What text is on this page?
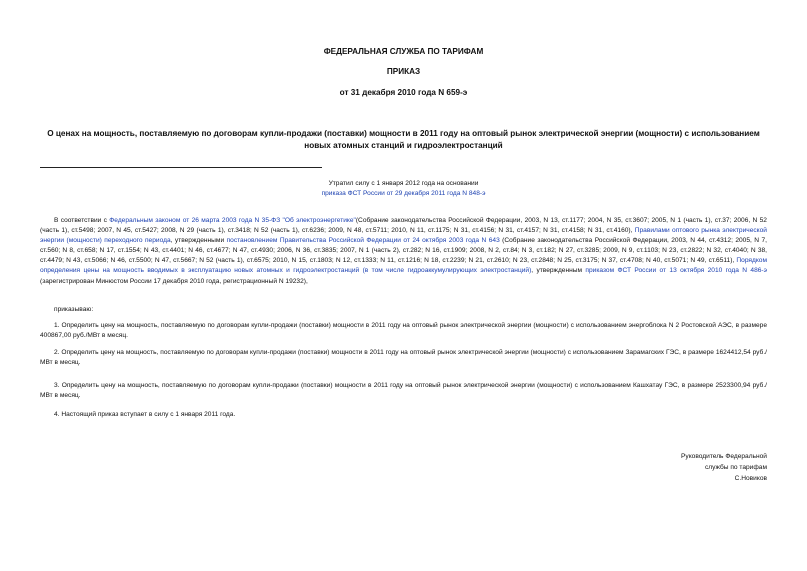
ФЕДЕРАЛЬНАЯ СЛУЖБА ПО ТАРИФАМ
ПРИКАЗ
от 31 декабря 2010 года N 659-э
О ценах на мощность, поставляемую по договорам купли-продажи (поставки) мощности в 2011 году на оптовый рынок электрической энергии (мощности) с использованием новых атомных станций и гидроэлектростанций
Утратил силу с 1 января 2012 года на основании
приказа ФСТ России от 29 декабря 2011 года N 848-э
В соответствии с Федеральным законом от 26 марта 2003 года N 35-ФЗ "Об электроэнергетике"(Собрание законодательства Российской Федерации, 2003, N 13, ст.1177; 2004, N 35, ст.3607; 2005, N 1 (часть 1), ст.37; 2006, N 52 (часть 1), ст.5498; 2007, N 45, ст.5427; 2008, N 29 (часть 1), ст.3418; N 52 (часть 1), ст.6236; 2009, N 48, ст.5711; 2010, N 11, ст.1175; N 31, ст.4156; N 31, ст.4157; N 31, ст.4158; N 31, ст.4160), Правилами оптового рынка электрической энергии (мощности) переходного периода, утвержденными постановлением Правительства Российской Федерации от 24 октября 2003 года N 643 (Собрание законодательства Российской Федерации, 2003, N 44, ст.4312; 2005, N 7, ст.560; N 8, ст.658; N 17, ст.1554; N 43, ст.4401; N 46, ст.4677; N 47, ст.4930; 2006, N 36, ст.3835; 2007, N 1 (часть 2), ст.282; N 16, ст.1909; 2008, N 2, ст.84; N 3, ст.182; N 27, ст.3285; 2009, N 9, ст.1103; N 23, ст.2822; N 32, ст.4040; N 38, ст.4479; N 43, ст.5066; N 46, ст.5500; N 47, ст.5667; N 52 (часть 1), ст.6575; 2010, N 15, ст.1803; N 12, ст.1333; N 11, ст.1216; N 18, ст.2239; N 21, ст.2610; N 23, ст.2848; N 25, ст.3175; N 37, ст.4708; N 40, ст.5071; N 49, ст.6511), Порядком определения цены на мощность вводимых в эксплуатацию новых атомных и гидроэлектростанций (в том числе гидроаккумулирующих электростанций), утвержденным приказом ФСТ России от 13 октября 2010 года N 486-э (зарегистрирован Минюстом России 17 декабря 2010 года, регистрационный N 19232),
приказываю:
1. Определить цену на мощность, поставляемую по договорам купли-продажи (поставки) мощности в 2011 году на оптовый рынок электрической энергии (мощности) с использованием энергоблока N 2 Ростовской АЭС, в размере 400867,00 руб./МВт в месяц.
2. Определить цену на мощность, поставляемую по договорам купли-продажи (поставки) мощности в 2011 году на оптовый рынок электрической энергии (мощности) с использованием Зарамагских ГЭС, в размере 1624412,54 руб./МВт в месяц.
3. Определить цену на мощность, поставляемую по договорам купли-продажи (поставки) мощности в 2011 году на оптовый рынок электрической энергии (мощности) с использованием Кашхатау ГЭС, в размере 2523300,94 руб./МВт в месяц.
4. Настоящий приказ вступает в силу с 1 января 2011 года.
Руководитель Федеральной
службы по тарифам
С.Новиков
